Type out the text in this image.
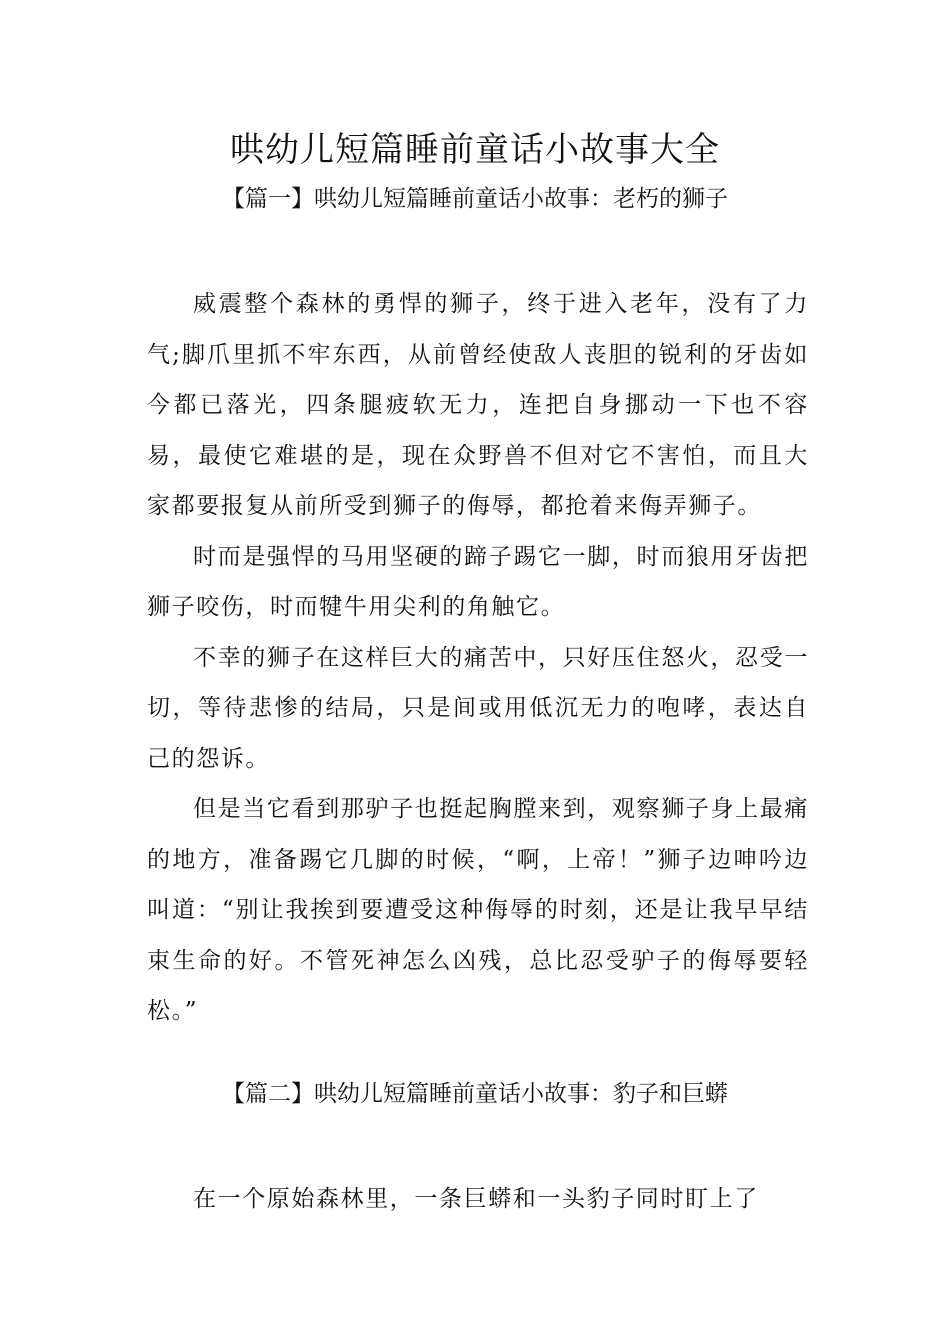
哄幼儿短篇睡前童话小故事大全
【篇一】哄幼儿短篇睡前童话小故事：老朽的狮子

威震整个森林的勇悍的狮子，终于进入老年，没有了力气;脚爪里抓不牢东西，从前曾经使敌人丧胆的锐利的牙齿如今都已落光，四条腿疲软无力，连把自身挪动一下也不容易，最使它难堪的是，现在众野兽不但对它不害怕，而且大家都要报复从前所受到狮子的侮辱，都抢着来侮弄狮子。

时而是强悍的马用坚硬的蹄子踢它一脚，时而狼用牙齿把狮子咬伤，时而犍牛用尖利的角触它。

不幸的狮子在这样巨大的痛苦中，只好压住怒火，忍受一切，等待悲惨的结局，只是间或用低沉无力的咆哮，表达自己的怨诉。

但是当它看到那驴子也挺起胸膛来到，观察狮子身上最痛的地方，准备踢它几脚的时候，“啊，上帝！”狮子边呻吟边叫道：“别让我挨到要遭受这种侮辱的时刻，还是让我早早结束生命的好。不管死神怎么凶残，总比忍受驴子的侮辱要轻松。”

【篇二】哄幼儿短篇睡前童话小故事：豹子和巨蟒

在一个原始森林里，一条巨蟒和一头豹子同时盯上了
